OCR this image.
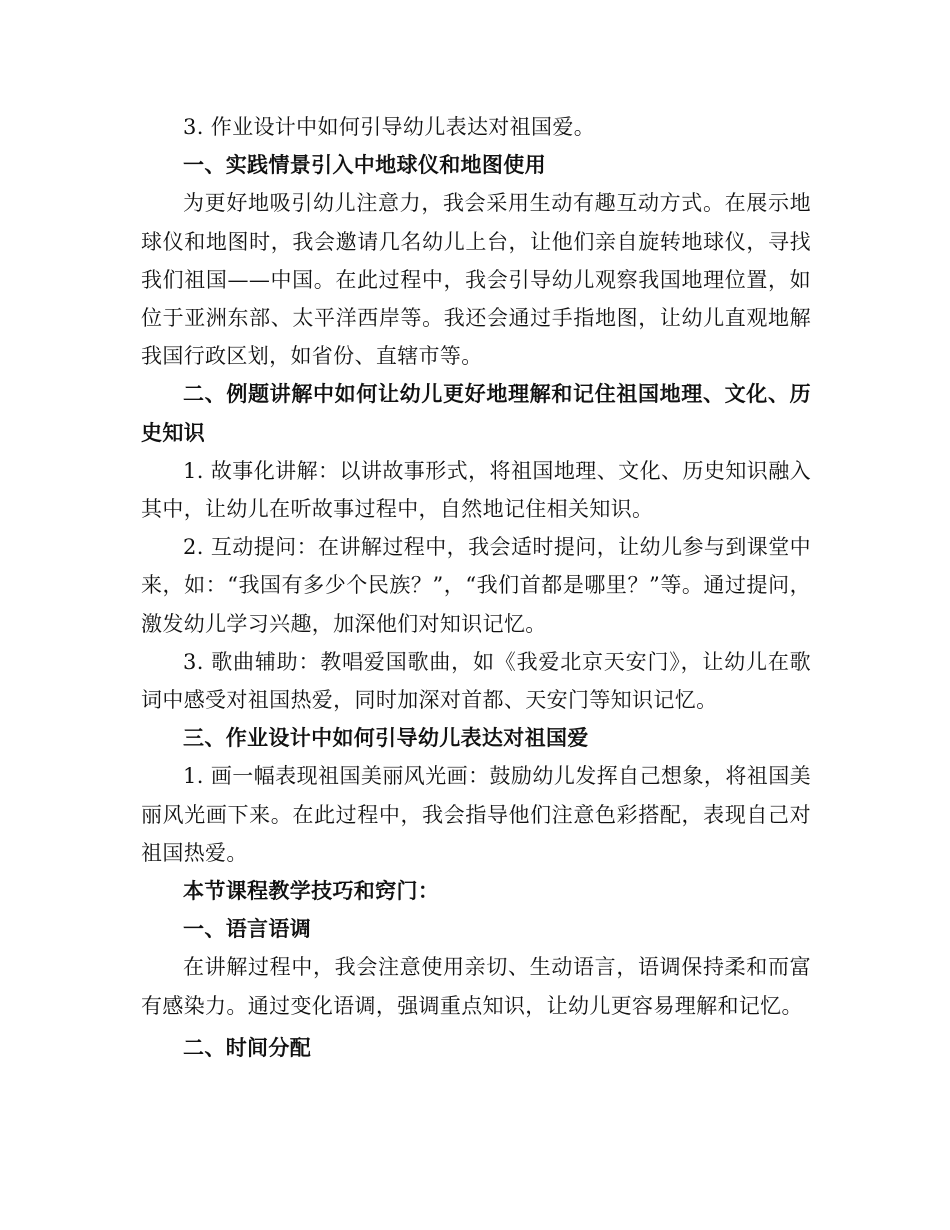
3. 作业设计中如何引导幼儿表达对祖国爱。

一、实践情景引入中地球仪和地图使用

为更好地吸引幼儿注意力，我会采用生动有趣互动方式。在展示地球仪和地图时，我会邀请几名幼儿上台，让他们亲自旋转地球仪，寻找我们祖国——中国。在此过程中，我会引导幼儿观察我国地理位置，如位于亚洲东部、太平洋西岸等。我还会通过手指地图，让幼儿直观地解我国行政区划，如省份、直辖市等。

二、例题讲解中如何让幼儿更好地理解和记住祖国地理、文化、历史知识

1. 故事化讲解：以讲故事形式，将祖国地理、文化、历史知识融入其中，让幼儿在听故事过程中，自然地记住相关知识。

2. 互动提问：在讲解过程中，我会适时提问，让幼儿参与到课堂中来，如：“我国有多少个民族？”，“我们首都是哪里？”等。通过提问，激发幼儿学习兴趣，加深他们对知识记忆。

3. 歌曲辅助：教唱爱国歌曲，如《我爱北京天安门》，让幼儿在歌词中感受对祖国热爱，同时加深对首都、天安门等知识记忆。

三、作业设计中如何引导幼儿表达对祖国爱

1. 画一幅表现祖国美丽风光画：鼓励幼儿发挥自己想象，将祖国美丽风光画下来。在此过程中，我会指导他们注意色彩搭配，表现自己对祖国热爱。

本节课程教学技巧和窍门：

一、语言语调

在讲解过程中，我会注意使用亲切、生动语言，语调保持柔和而富有感染力。通过变化语调，强调重点知识，让幼儿更容易理解和记忆。

二、时间分配
